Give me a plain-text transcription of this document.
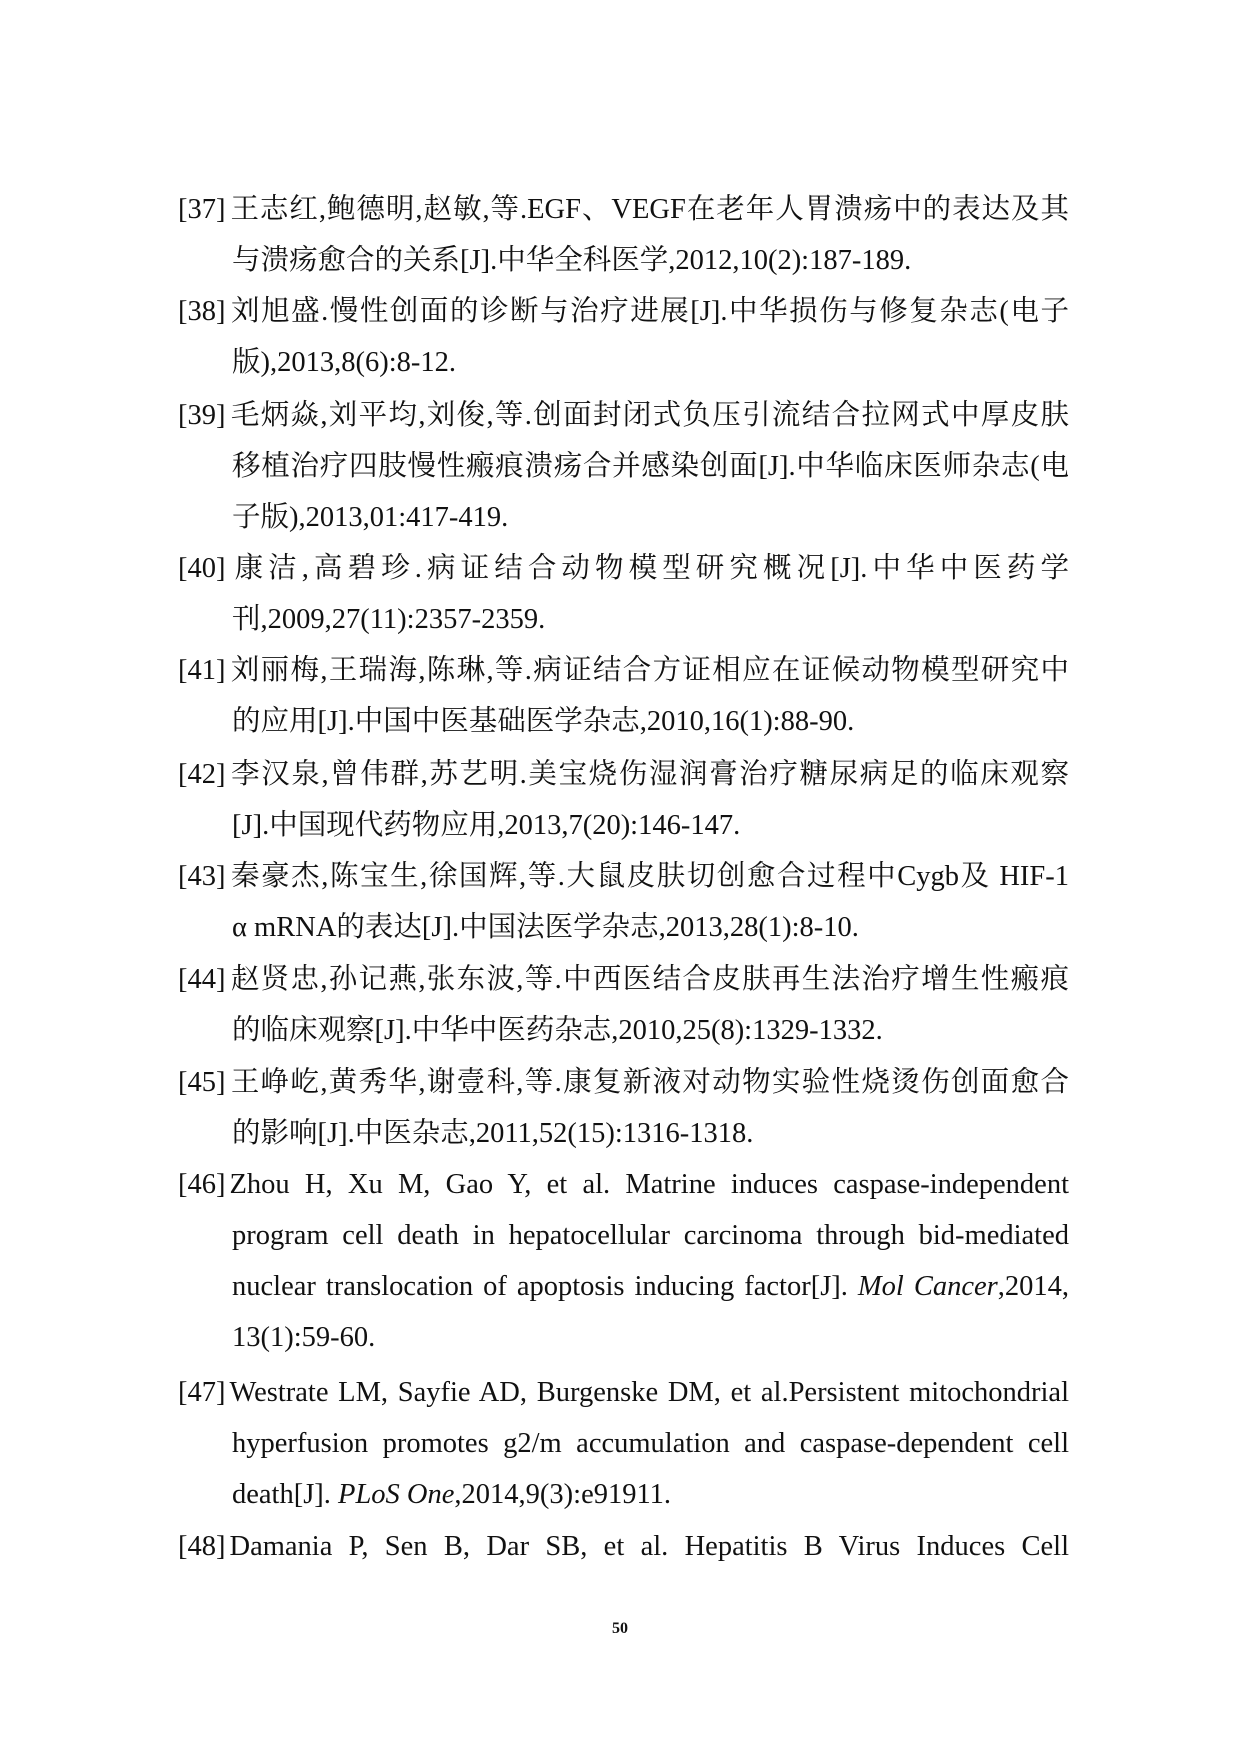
[37] 王志红,鲍德明,赵敏,等.EGF、VEGF在老年人胃溃疡中的表达及其
与溃疡愈合的关系[J].中华全科医学,2012,10(2):187-189.
[38] 刘旭盛.慢性创面的诊断与治疗进展[J].中华损伤与修复杂志(电子
版),2013,8(6):8-12.
[39] 毛炳焱,刘平均,刘俊,等.创面封闭式负压引流结合拉网式中厚皮肤
移植治疗四肢慢性瘢痕溃疡合并感染创面[J].中华临床医师杂志(电
子版),2013,01:417-419.
[40] 康洁,高碧珍.病证结合动物模型研究概况[J].中华中医药学
刊,2009,27(11):2357-2359.
[41] 刘丽梅,王瑞海,陈琳,等.病证结合方证相应在证候动物模型研究中
的应用[J].中国中医基础医学杂志,2010,16(1):88-90.
[42] 李汉泉,曾伟群,苏艺明.美宝烧伤湿润膏治疗糖尿病足的临床观察
[J].中国现代药物应用,2013,7(20):146-147.
[43] 秦豪杰,陈宝生,徐国辉,等.大鼠皮肤切创愈合过程中Cygb及 HIF-1
α mRNA的表达[J].中国法医学杂志,2013,28(1):8-10.
[44] 赵贤忠,孙记燕,张东波,等.中西医结合皮肤再生法治疗增生性瘢痕
的临床观察[J].中华中医药杂志,2010,25(8):1329-1332.
[45] 王峥屹,黄秀华,谢壹科,等.康复新液对动物实验性烧烫伤创面愈合
的影响[J].中医杂志,2011,52(15):1316-1318.
[46] Zhou H, Xu M, Gao Y, et al. Matrine induces caspase-independent
program cell death in hepatocellular carcinoma through bid-mediated
nuclear translocation of apoptosis inducing factor[J]. Mol Cancer,2014,
13(1):59-60.
[47] Westrate LM, Sayfie AD, Burgenske DM, et al.Persistent mitochondrial
hyperfusion promotes g2/m accumulation and caspase-dependent cell
death[J]. PLoS One,2014,9(3):e91911.
[48] Damania P, Sen B, Dar SB, et al. Hepatitis B Virus Induces Cell
50
